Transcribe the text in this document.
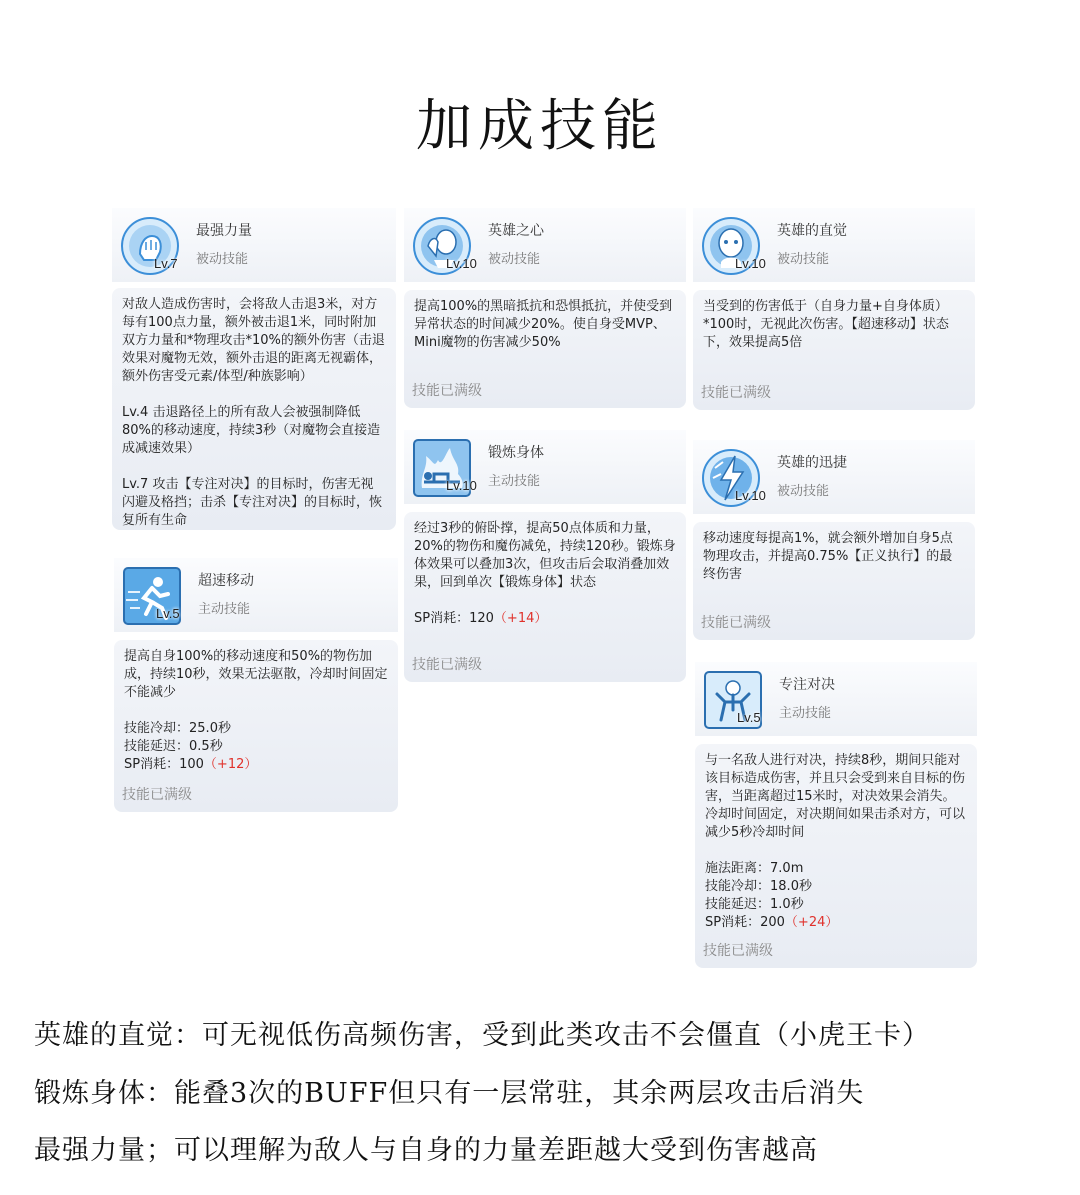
加成技能
Lv.7
最强力量
被动技能

对敌人造成伤害时，会将敌人击退3米，对方每有100点力量，额外被击退1米，同时附加双方力量和*物理攻击*10%的额外伤害（击退效果对魔物无效，额外击退的距离无视霸体，额外伤害受元素/体型/种族影响）

Lv.4 击退路径上的所有敌人会被强制降低80%的移动速度，持续3秒（对魔物会直接造成减速效果）

Lv.7 攻击【专注对决】的目标时，伤害无视闪避及格挡；击杀【专注对决】的目标时，恢复所有生命

Lv.5
超速移动
主动技能

提高自身100%的移动速度和50%的物伤加成，持续10秒，效果无法驱散，冷却时间固定不能减少

技能冷却：25.0秒

技能延迟：0.5秒

SP消耗：100（+12）

技能已满级
Lv.10
英雄之心
被动技能

提高100%的黑暗抵抗和恐惧抵抗，并使受到异常状态的时间减少20%。使自身受MVP、Mini魔物的伤害减少50%

技能已满级
Lv.10
锻炼身体
主动技能

经过3秒的俯卧撑，提高50点体质和力量，20%的物伤和魔伤减免，持续120秒。锻炼身体效果可以叠加3次，但攻击后会取消叠加效果，回到单次【锻炼身体】状态

SP消耗：120（+14）

技能已满级
Lv.10
英雄的直觉
被动技能

当受到的伤害低于（自身力量+自身体质）*100时，无视此次伤害。【超速移动】状态下，效果提高5倍

技能已满级
Lv.10
英雄的迅捷
被动技能

移动速度每提高1%，就会额外增加自身5点物理攻击，并提高0.75%【正义执行】的最终伤害

技能已满级
Lv.5
专注对决
主动技能

与一名敌人进行对决，持续8秒，期间只能对该目标造成伤害，并且只会受到来自目标的伤害，当距离超过15米时，对决效果会消失。冷却时间固定，对决期间如果击杀对方，可以减少5秒冷却时间

施法距离：7.0m

技能冷却：18.0秒

技能延迟：1.0秒

SP消耗：200（+24）

技能已满级
英雄的直觉：可无视低伤高频伤害，受到此类攻击不会僵直（小虎王卡）
锻炼身体：能叠3次的BUFF但只有一层常驻，其余两层攻击后消失
最强力量；可以理解为敌人与自身的力量差距越大受到伤害越高
